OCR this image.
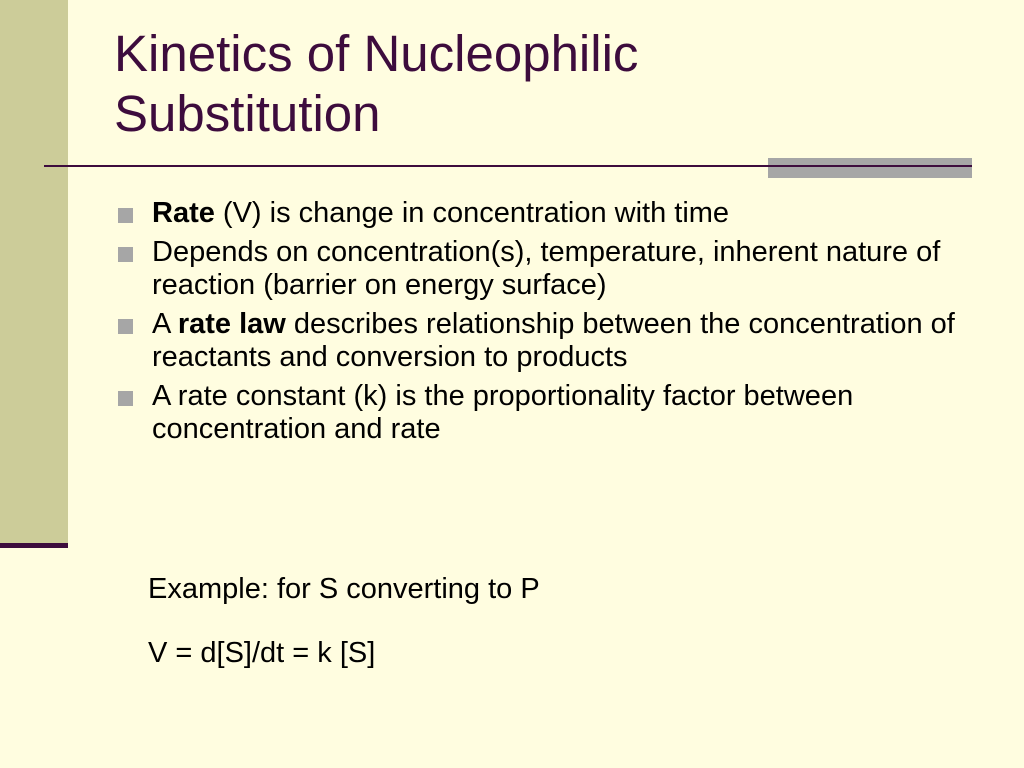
Kinetics of Nucleophilic
Substitution
Rate (V) is change in concentration with time
Depends on concentration(s), temperature, inherent nature of reaction (barrier on energy surface)
A rate law describes relationship between the concentration of reactants and conversion to products
A rate constant (k) is the proportionality factor between concentration and rate
Example: for S converting to P
V = d[S]/dt = k [S]
